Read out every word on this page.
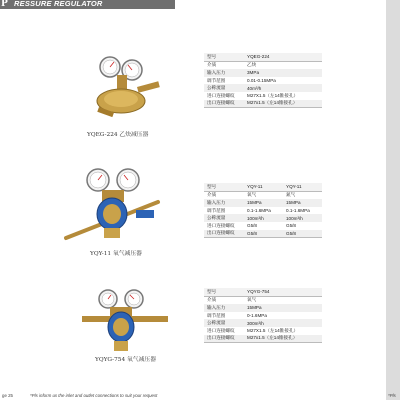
P RESSURE REGULATOR
YQEG-224 乙炔减压器
型号	YQEG-224
介质	乙炔
输入压力	3MPa
调节范围	0.01-0.15MPa
公称流量	40m³/h
进口连接螺纹	M27X1.5（左14锥接孔）
出口连接螺纹	M27x1.5（左14锥接孔）
YQY-11 氧气减压器
型号	YQY-11	YQY-11
介质	氧气	氮气
输入压力	15MPa	15MPa
调节范围	0.1-1.6MPa	0.1-1.6MPa
公称流量	100m³/h	100m³/h
进口连接螺纹	G5/8	G5/8
出口连接螺纹	G5/8	G5/8
YQYG-754 氧气减压器
型号	YQYG-754
介质	氧气
输入压力	15MPa
调节范围	0-1.6MPa
公称流量	300m³/h
进口连接螺纹	M27X1.5（左14锥接孔）
出口连接螺纹	M27x1.5（左14锥接孔）
ge 25	*Pls inform us the inlet and outlet connections to suit your request	*Pls
